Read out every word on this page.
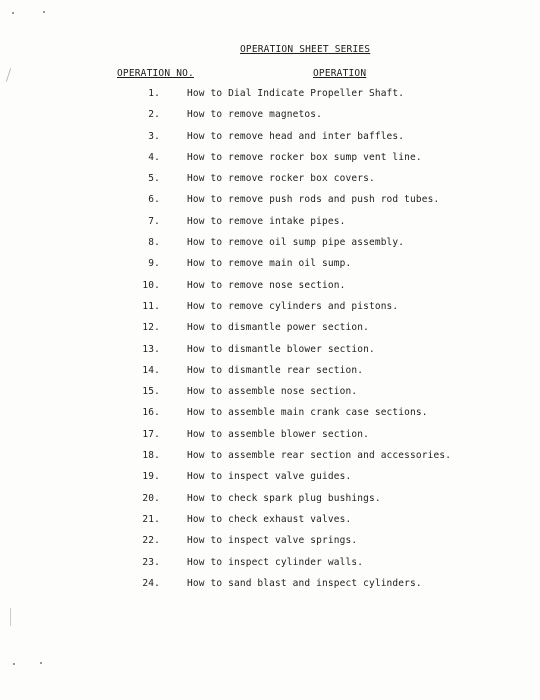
OPERATION SHEET SERIES
OPERATION NO.	OPERATION
1.	How to Dial Indicate Propeller Shaft.
2.	How to remove magnetos.
3.	How to remove head and inter baffles.
4.	How to remove rocker box sump vent line.
5.	How to remove rocker box covers.
6.	How to remove push rods and push rod tubes.
7.	How to remove intake pipes.
8.	How to remove oil sump pipe assembly.
9.	How to remove main oil sump.
10.	How to remove nose section.
11.	How to remove cylinders and pistons.
12.	How to dismantle power section.
13.	How to dismantle blower section.
14.	How to dismantle rear section.
15.	How to assemble nose section.
16.	How to assemble main crank case sections.
17.	How to assemble blower section.
18.	How to assemble rear section and accessories.
19.	How to inspect valve guides.
20.	How to check spark plug bushings.
21.	How to check exhaust valves.
22.	How to inspect valve springs.
23.	How to inspect cylinder walls.
24.	How to sand blast and inspect cylinders.
